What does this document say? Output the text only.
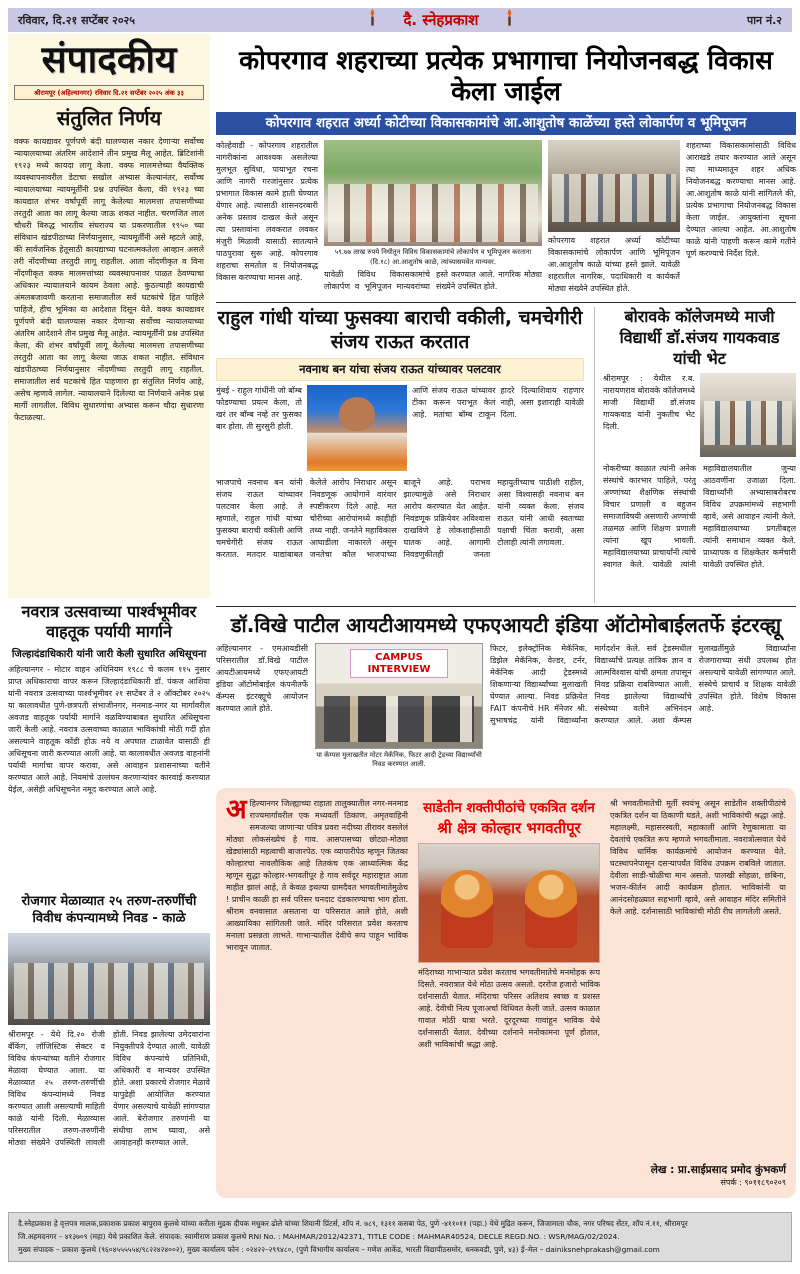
रविवार, दि.२१ सप्टेंबर २०२५	दै. स्नेहप्रकाश	पान नं.२
संपादकीय
श्रीरामपूर (अहिल्यानगर) रविवार दि.२१ सप्टेंबर २०२५ अंक ३३
संतुलित निर्णय
वक्फ कायद्यावर पूर्णपणे बंदी घालण्यास नकार देणाऱ्या सर्वोच्च न्यायालयाच्या अंतरिम आदेशाने तीन प्रमुख मैलू आहेत. ब्रिटिशांनी १९२३ मध्ये कायदा लागू केला. वक्फ मालमत्तेच्या वैयक्तिक व्यवस्थापनावरील डेटाचा सखोल अभ्यास केल्यानंतर, सर्वोच्च न्यायालयाच्या न्यायमूर्तींनी प्रश्न उपस्थित केला, की १९२३ च्या कायद्यात शंभर वर्षांपूर्वी लागू केलेल्या मालमत्ता तपासणीच्या तरतुदी आता का लागू केल्या जाऊ शकत नाहीत. चरणजित लाल चौधरी विरुद्ध भारतीय संघराज्य या प्रकरणातील १९५० च्या संविधान खंडपीठाच्या निर्णयानुसार, न्यायमूर्तींनी असे म्हटले आहे, की सार्वजनिक हेतूसाठी कायद्याच्या घटनात्मकतेला आव्हान असले तरी नोंदणीच्या तरतुदी लागू राहतील. आता नोंदणीकृत व विना नोंदणीकृत वक्फ मालमत्तांच्या व्यवस्थापनावर पाळत ठेवण्याचा अधिकार न्यायालयाने कायम ठेवला आहे. कुठल्याही कायद्याची अंमलबजावणी करताना समाजातील सर्व घटकांचे हित पाहिले पाहिजे, हीच भूमिका या आदेशात दिसून येते. वक्फ कायद्यावर पूर्णपणे बंदी घालण्यास नकार देणाऱ्या सर्वोच्च न्यायालयाच्या अंतरिम आदेशाने तीन प्रमुख मैलू आहेत. न्यायमूर्तींनी प्रश्न उपस्थित केला, की शंभर वर्षांपूर्वी लागू केलेल्या मालमत्ता तपासणीच्या तरतुदी आता का लागू केल्या जाऊ शकत नाहीत. संविधान खंडपीठाच्या निर्णयानुसार नोंदणीच्या तरतुदी लागू राहतील. समाजातील सर्व घटकांचे हित पाहणारा हा संतुलित निर्णय आहे, असेच म्हणावे लागेल. न्यायालयाने दिलेल्या या निर्णयाने अनेक प्रश्न मार्गी लागतील. विविध सुधारणांचा अभ्यास करून चौदा सुधारणा फेटाळल्या.
नवरात्र उत्सवाच्या पार्श्वभूमीवर वाहतूक पर्यायी मार्गाने
जिल्हादंडाधिकारी यांनी जारी केली सुधारित अधिसूचना
अहिल्यानगर - मोटार वाहन अधिनियम १९८८ चे कलम ११५ नुसार प्राप्त अधिकाराचा वापर करून जिल्हादंडाधिकारी डॉ. पंकज आशिया यांनी नवरात्र उत्सवाच्या पार्श्वभूमीवर २१ सप्टेंबर ते २ ऑक्टोबर २०२५ या कालावधीत पुणे-छत्रपती संभाजीनगर, मनमाड-नगर या मार्गावरील अवजड वाहतूक पर्यायी मार्गाने वळविण्याबाबत सुधारित अधिसूचना जारी केली आहे. नवरात्र उत्सवाच्या काळात भाविकांची मोठी गर्दी होत असल्याने वाहतूक कोंडी होऊ नये व अपघात टाळावेत यासाठी ही अधिसूचना जारी करण्यात आली आहे. या कालावधीत अवजड वाहनांनी पर्यायी मार्गाचा वापर करावा, असे आवाहन प्रशासनाच्या वतीने करण्यात आले आहे. नियमांचे उल्लंघन करणाऱ्यांवर कारवाई करण्यात येईल, असेही अधिसूचनेत नमूद करण्यात आले आहे.
रोजगार मेळाव्यात २५ तरुण-तरुणींची विवीध कंपन्यामध्ये निवड - काळे
श्रीरामपूर - येथे दि.२० रोजी बँकिंग, लॉजिस्टिक सेक्टर व विविध कंपन्यांच्या वतीने रोजगार मेळावा घेण्यात आला. या मेळाव्यात २५ तरुण-तरुणींची विविध कंपन्यांमध्ये निवड करण्यात आली असल्याची माहिती काळे यांनी दिली. मेळाव्यास परिसरातील तरुण-तरुणींनी मोठ्या संख्येने उपस्थिती लावली होती. निवड झालेल्या उमेदवारांना नियुक्तीपत्रे देण्यात आली. यावेळी विविध कंपन्यांचे प्रतिनिधी, अधिकारी व मान्यवर उपस्थित होते. अशा प्रकारचे रोजगार मेळावे यापुढेही आयोजित करण्यात येणार असल्याचे यावेळी सांगण्यात आले. बेरोजगार तरुणांनी या संधीचा लाभ घ्यावा, असे आवाहनही करण्यात आले.
कोपरगाव शहराच्या प्रत्येक प्रभागाचा नियोजनबद्ध विकास केला जाईल
कोपरगाव शहरात अर्ध्या कोटीच्या विकासकामांचे आ.आशुतोष काळेंच्या हस्ते लोकार्पण व भूमिपूजन
कोल्हेवाडी - कोपरगाव शहरातील नागरीकांना आवश्यक असलेल्या मुलभूत सुविधा, पायाभूत रचना आणि नागरी गरजांनुसार प्रत्येक प्रभागात विकास कामे हाती घेण्यात येणार आहे. त्यासाठी शासनदरबारी अनेक प्रस्ताव दाखल केले असून त्या प्रस्तावांना लवकरात लवकर मंजुरी मिळावी यासाठी सातत्याने पाठपुरावा सुरू आहे. कोपरगाव शहराचा समतोल व नियोजनबद्ध विकास करण्याचा मानस आहे.
५९.७७ लाख रुपये निधीतून विविध विकासकामांचे लोकार्पण व भूमिपूजन करताना (दि.१८) आ.आशुतोष काळे, त्यांच्यासमवेत मान्यवर.
यावेळी विविध विकासकामांचे लोकार्पण व भूमिपूजन मान्यवरांच्या हस्ते करण्यात आले. नागरिक मोठ्या संख्येने उपस्थित होते.
कोपरगाव शहरात अर्ध्या कोटीच्या विकासकामांचे लोकार्पण आणि भूमिपूजन आ.आशुतोष काळे यांच्या हस्ते झाले. यावेळी शहरातील नागरिक, पदाधिकारी व कार्यकर्ते मोठ्या संख्येने उपस्थित होते.
शहराच्या विकासकामांसाठी विविध आराखडे तयार करण्यात आले असून त्या माध्यमातून शहर अधिक नियोजनबद्ध करण्याचा मानस आहे. आ.आशुतोष काळे यांनी सांगितले की, प्रत्येक प्रभागाचा नियोजनबद्ध विकास केला जाईल. आयुक्तांना सूचना देण्यात आल्या आहेत. आ.आशुतोष काळे यांनी पाहणी करून कामे गतीने पूर्ण करण्याचे निर्देश दिले.
राहुल गांधी यांच्या फुसक्या बाराची वकीली, चमचेगीरी संजय राऊत करतात
नवनाथ बन यांचा संजय राऊत यांच्यावर पलटवार
मुंबई - राहुल गांधींनी जो बॉम्ब फोडण्याचा प्रयत्न केला, तो खरं तर बॉम्ब नव्हे तर फुसका बार होता. ती सुरसुरी होती.
आणि संजय राऊत यांच्यावर टीका करून पराभूत केलं आहे. मतांचा बॉम्ब टाकून हादरे दिल्याशिवाय राहणार नाही, असा इशाराही यावेळी दिला.
भाजपाचे नवनाथ बन यांनी संजय राऊत यांच्यावर पलटवार केला आहे. ते म्हणाले, राहुल गांधी यांच्या फुसक्या बाराची वकीली आणि चमचेगीरी संजय राऊत करतात. मतदार याद्यांबाबत केलेले आरोप निराधार असून निवडणूक आयोगाने वारंवार स्पष्टीकरण दिले आहे. मत चोरीच्या आरोपांमध्ये काहीही तथ्य नाही. जनतेने महाविकास आघाडीला नाकारले असून जनतेचा कौल भाजपाच्या बाजूने आहे. पराभव झाल्यामुळे असे निराधार आरोप करण्यात येत आहेत. निवडणूक प्रक्रियेवर अविश्वास दाखविणे हे लोकशाहीसाठी घातक आहे. आगामी निवडणुकीतही जनता महायुतीच्याच पाठीशी राहील, असा विश्वासही नवनाथ बन यांनी व्यक्त केला. संजय राऊत यांनी आधी स्वतःच्या पक्षाची चिंता करावी, असा टोलाही त्यांनी लगावला.
बोरावके कॉलेजमध्ये माजी विद्यार्थी डॉ.संजय गायकवाड यांची भेट
श्रीरामपूर : येथील र.ब. नारायणराव बोरावके कॉलेजमध्ये माजी विद्यार्थी डॉ.संजय गायकवाड यांनी नुकतीच भेट दिली.
नोकरीच्या काळात त्यांनी अनेक संस्थांचे कारभार पाहिले, परंतु अण्णांच्या शैक्षणिक संस्थांची विचार प्रणाली व बहुजन समाजाविषयी असणारी अण्णांची तळमळ आणि शिक्षण प्रणाली त्यांना खूप भावली. महाविद्यालयाच्या प्राचार्यांनी त्यांचे स्वागत केले. यावेळी त्यांनी महाविद्यालयातील जुन्या आठवणींना उजाळा दिला. विद्यार्थ्यांनी अभ्यासाबरोबरच विविध उपक्रमांमध्ये सहभागी व्हावे, असे आवाहन त्यांनी केले. महाविद्यालयाच्या प्रगतीबद्दल त्यांनी समाधान व्यक्त केले. प्राध्यापक व शिक्षकेतर कर्मचारी यावेळी उपस्थित होते.
डॉ.विखे पाटील आयटीआयमध्ये एफएआयटी इंडिया ऑटोमोबाईलतर्फे इंटरव्ह्यू
अहिल्यानगर - एमआयडीसी परिसरातील डॉ.विखे पाटील आयटीआयमध्ये एफएआयटी इंडिया ऑटोमोबाईल कंपनीतर्फे कॅम्पस इंटरव्ह्यूचे आयोजन करण्यात आले होते.
CAMPUS INTERVIEW
या कॅम्पस मुलाखतीत मोटर मेकॅनिक, फिटर आदी ट्रेडच्या विद्यार्थ्यांची निवड करण्यात आली.
फिटर, इलेक्ट्रॉनिक मेकॅनिक, डिझेल मेकॅनिक, वेल्डर, टर्नर, मेकॅनिक आदी ट्रेडस्मध्ये शिकणाऱ्या विद्यार्थ्यांच्या मुलाखती घेण्यात आल्या. निवड प्रक्रियेत FAIT कंपनीचे HR मॅनेजर श्री. सुभाषचंद्र यांनी विद्यार्थ्यांना मार्गदर्शन केले. सर्व ट्रेडस्मधील विद्यार्थ्यांचे प्रत्यक्ष तांत्रिक ज्ञान व आत्मविश्वास यांची क्षमता तपासून निवड प्रक्रिया राबविण्यात आली. निवड झालेल्या विद्यार्थ्यांचे संस्थेच्या वतीने अभिनंदन करण्यात आले. अशा कॅम्पस मुलाखतींमुळे विद्यार्थ्यांना रोजगाराच्या संधी उपलब्ध होत असल्याचे यावेळी सांगण्यात आले. संस्थेचे प्राचार्य व शिक्षक यावेळी उपस्थित होते. विशेष विकास आहे.
अहिल्यानगर जिल्ह्याच्या राहाता तालुक्यातील नगर-मनमाड राज्यमार्गावरील एक मध्यवर्ती ठिकाण. अमृतवाहिनी समजल्या जाणाऱ्या पवित्र प्रवरा नदीच्या तीरावर वसलेलं मोठ्या लोकसंख्येचं हे गाव. आसपासच्या छोट्या-मोठ्या खेड्यांसाठी महत्वाची बाजारपेठ. एक व्यापारीपेठ म्हणून जितका कोल्हारचा नावलौकिक आहे तितकंच एक आध्यात्मिक केंद्र म्हणून सुद्धा कोल्हार-भगवतीपूर हे गाव सर्वदूर महाराष्ट्रात आता माहीत झालं आहे, ते केवळ इथल्या ग्रामदैवत भगवतीमातेमुळेच ! प्राचीन काळी हा सर्व परिसर घनदाट दंडकारण्याचा भाग होता. श्रीराम वनवासात असताना या परिसरात आले होते, अशी आख्यायिका सांगितली जाते. मंदिर परिसरात प्रवेश करताच मनाला प्रसन्नता लाभते. गाभाऱ्यातील देवीचे रूप पाहून भाविक भारावून जातात.
साडेतीन शक्तीपीठांचे एकत्रित दर्शन
श्री क्षेत्र कोल्हार भगवतीपूर
मंदिराच्या गाभाऱ्यात प्रवेश करताच भगवतीमातेचे मनमोहक रूप दिसते. नवरात्रात येथे मोठा उत्सव असतो. दररोज हजारो भाविक दर्शनासाठी येतात. मंदिराचा परिसर अतिशय स्वच्छ व प्रशस्त आहे. देवीची नित्य पूजाअर्चा विधिवत केली जाते. उत्सव काळात गावात मोठी यात्रा भरते. दूरदूरच्या गावांहून भाविक येथे दर्शनासाठी येतात. देवीच्या दर्शनाने मनोकामना पूर्ण होतात, अशी भाविकांची श्रद्धा आहे.
श्री भगवतीमातेची मूर्ती स्वयंभू असून साडेतीन शक्तीपीठांचे एकत्रित दर्शन या ठिकाणी घडते, अशी भाविकांची श्रद्धा आहे. महालक्ष्मी, महासरस्वती, महाकाली आणि रेणुकामाता या देवतांचे एकत्रित रूप म्हणजे भगवतीमाता. नवरात्रोत्सवात येथे विविध धार्मिक कार्यक्रमांचे आयोजन करण्यात येते. घटस्थापनेपासून दसऱ्यापर्यंत विविध उपक्रम राबविले जातात. देवीला साडी-चोळीचा मान असतो. पालखी सोहळा, छबिना, भजन-कीर्तन आदी कार्यक्रम होतात. भाविकांनी या आनंदसोहळ्यात सहभागी व्हावे, असे आवाहन मंदिर समितीने केले आहे. दर्शनासाठी भाविकांची मोठी रीघ लागलेली असते.
लेख : प्रा.साईप्रसाद प्रमोद कुंभकर्ण
संपर्क : ९०११८९०२०९
दै.स्नेहप्रकाश हे वृत्तपत्र मालक,प्रकाशक प्रकाश बापुराव कुलथे यांच्या करीता मुद्रक दीपक मधुकर ढोले यांच्या शिवानी प्रिंटर्स, शॉप नं. ७८९, १३११ कसबा पेठ, पुणे -४११०११ (पहा.) येथे मुद्रित करून, जिजामाता चौक, नगर परिषद सेंटर, शॉप नं.११, श्रीरामपूर
जि.अहमदनगर – ४१३७०९ (महा) येथे प्रकाशित केले. संपादक: स्वामीराण प्रकाश कुलथे RNI No. : MAHMAR/2012/42371, TITLE CODE : MAHMAR40524, DECLE REGD.NO. : WSR/MAG/02/2024.
मुख्य संपादक – प्रकाश कुलथे (९६०४५५५५५४/९८२२४२४००२), मुख्य कार्यालय फोन : ०२४२२–२९९४८०, (पुणे विभागीय कार्यालय – गणेश आर्केड, भारती विद्यापीठसमोर, धनकवडी, पुणे, ४३) ई–मेल – dainiksnehprakash@gmail.com
